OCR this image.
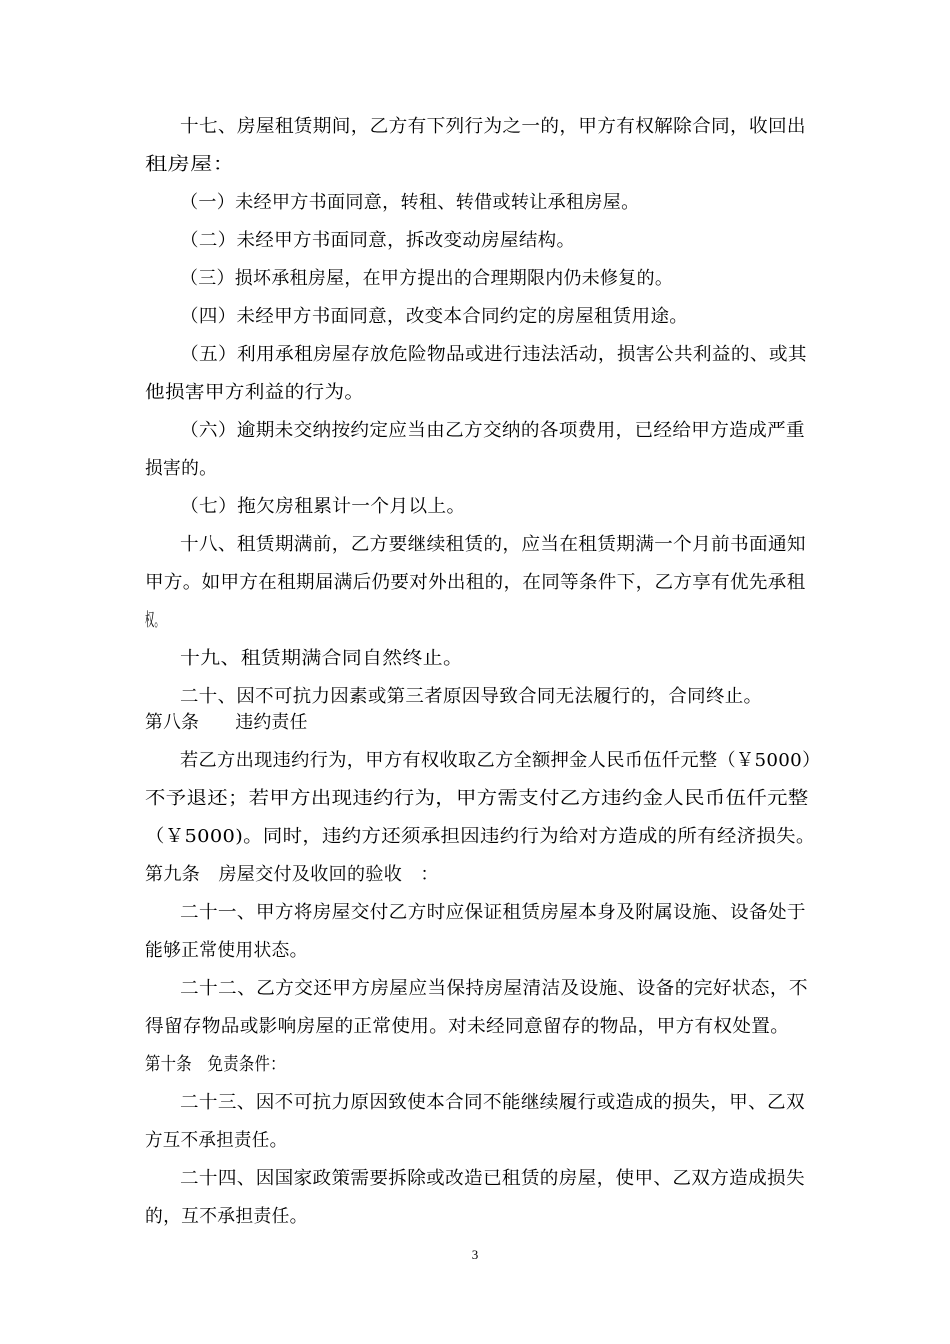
十七、房屋租赁期间，乙方有下列行为之一的，甲方有权解除合同，收回出
租房屋：
（一）未经甲方书面同意，转租、转借或转让承租房屋。
（二）未经甲方书面同意，拆改变动房屋结构。
（三）损坏承租房屋，在甲方提出的合理期限内仍未修复的。
（四）未经甲方书面同意，改变本合同约定的房屋租赁用途。
（五）利用承租房屋存放危险物品或进行违法活动，损害公共利益的、或其
他损害甲方利益的行为。
（六）逾期未交纳按约定应当由乙方交纳的各项费用，已经给甲方造成严重
损害的。
（七）拖欠房租累计一个月以上。
十八、租赁期满前，乙方要继续租赁的，应当在租赁期满一个月前书面通知
甲方。如甲方在租期届满后仍要对外出租的，在同等条件下，乙方享有优先承租
权。
十九、租赁期满合同自然终止。
二十、因不可抗力因素或第三者原因导致合同无法履行的，合同终止。
第八条　　违约责任
若乙方出现违约行为，甲方有权收取乙方全额押金人民币伍仟元整（￥5000）
不予退还；若甲方出现违约行为，甲方需支付乙方违约金人民币伍仟元整
（￥5000)。同时，违约方还须承担因违约行为给对方造成的所有经济损失。
第九条　房屋交付及收回的验收　：
二十一、甲方将房屋交付乙方时应保证租赁房屋本身及附属设施、设备处于
能够正常使用状态。
二十二、乙方交还甲方房屋应当保持房屋清洁及设施、设备的完好状态，不
得留存物品或影响房屋的正常使用。对未经同意留存的物品，甲方有权处置。
第十条　免责条件：
二十三、因不可抗力原因致使本合同不能继续履行或造成的损失，甲、乙双
方互不承担责任。
二十四、因国家政策需要拆除或改造已租赁的房屋，使甲、乙双方造成损失
的，互不承担责任。
3
